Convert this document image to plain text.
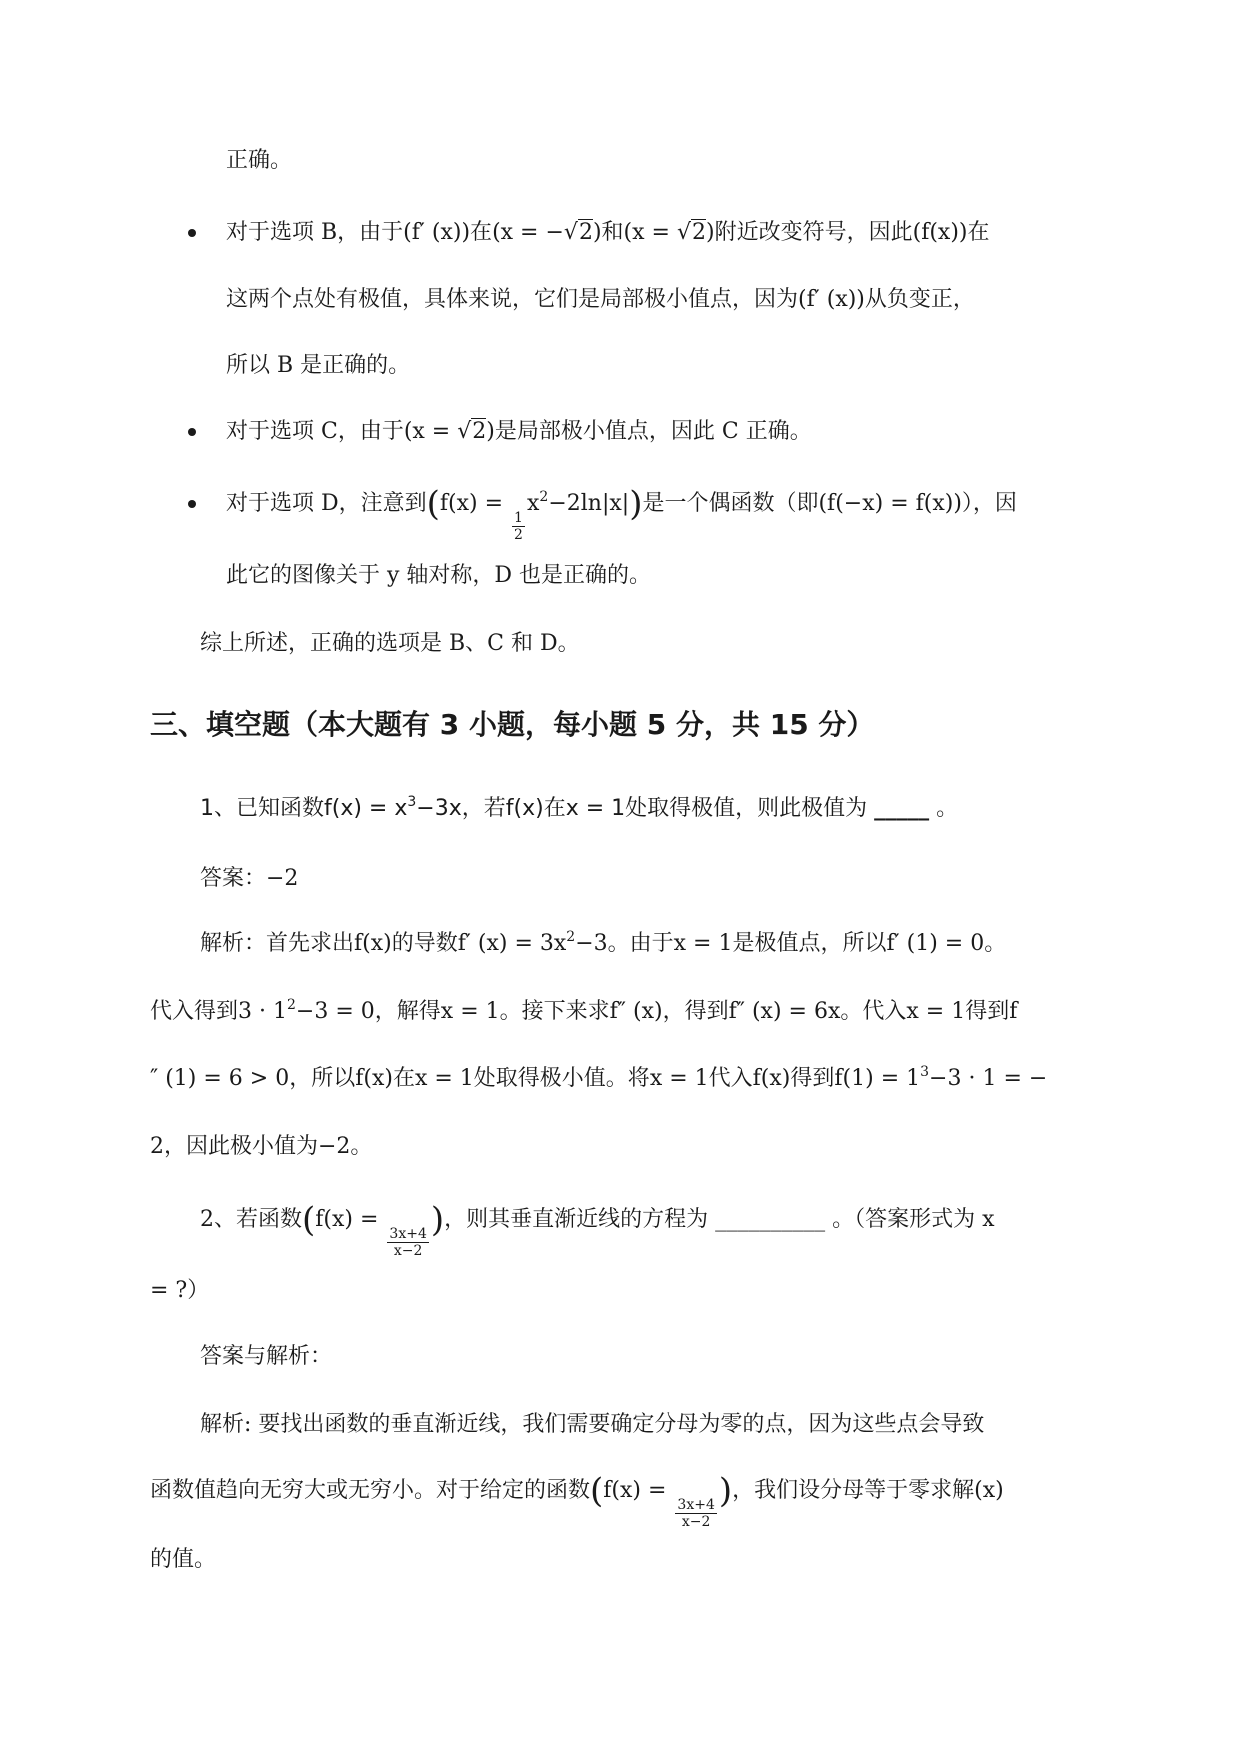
正确。
对于选项 B，由于(f′ (x))在(x = −√2)和(x = √2)附近改变符号，因此(f(x))在
这两个点处有极值，具体来说，它们是局部极小值点，因为(f′ (x))从负变正，
所以 B 是正确的。
对于选项 C，由于(x = √2)是局部极小值点，因此 C 正确。
对于选项 D，注意到(f(x) =
$\frac{1}{2}$
$x^2-2\ln|x|$)是一个偶函数（即(f(−x) = f(x))），因
此它的图像关于 y 轴对称，D 也是正确的。
综上所述，正确的选项是 B、C 和 D。
三、填空题（本大题有 3 小题，每小题 5 分，共 15 分）
1、已知函数$f(x) = x^3-3x$，若f(x)在x = 1处取得极值，则此极值为 _____ 。
答案：−2
解析：首先求出f(x)的导数f′ $(x) = 3x^2-3$。由于x = 1是极值点，所以f′ (1) = 0。
代入得到$3 \cdot 1^2-3 = 0$，解得x = 1。接下来求f″ (x)，得到f″ (x) = 6x。代入x = 1得到f
″ (1) = 6 > 0，所以f(x)在x = 1处取得极小值。将x = 1代入f(x)得到$f(1) = 1^3-3 \cdot 1$ = −
2，因此极小值为−2。
2、若函数(f(x) =
$\frac{3x+4}{x-2}$
)，则其垂直渐近线的方程为 __________ 。（答案形式为 x
= ?）
答案与解析：
解析: 要找出函数的垂直渐近线，我们需要确定分母为零的点，因为这些点会导致
函数值趋向无穷大或无穷小。对于给定的函数(f(x) =
$\frac{3x+4}{x-2}$
)，我们设分母等于零求解(x)
的值。
